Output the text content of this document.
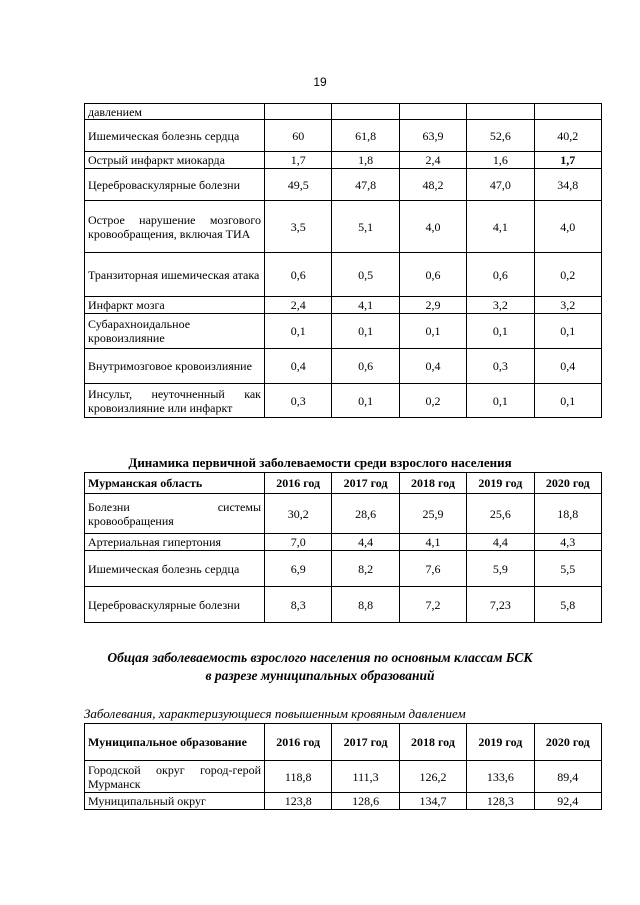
19
давлением					
Ишемическая болезнь сердца	60	61,8	63,9	52,6	40,2
Острый инфаркт миокарда	1,7	1,8	2,4	1,6	1,7
Цереброваскулярные болезни	49,5	47,8	48,2	47,0	34,8
Острое нарушение мозгового кровообращения, включая ТИА	3,5	5,1	4,0	4,1	4,0
Транзиторная ишемическая атака	0,6	0,5	0,6	0,6	0,2
Инфаркт мозга	2,4	4,1	2,9	3,2	3,2
Субарахноидальное кровоизлияние	0,1	0,1	0,1	0,1	0,1
Внутримозговое кровоизлияние	0,4	0,6	0,4	0,3	0,4
Инсульт, неуточненный как кровоизлияние или инфаркт	0,3	0,1	0,2	0,1	0,1
Динамика первичной заболеваемости среди взрослого населения
Мурманская область	2016 год	2017 год	2018 год	2019 год	2020 год
Болезни системы кровообращения	30,2	28,6	25,9	25,6	18,8
Артериальная гипертония	7,0	4,4	4,1	4,4	4,3
Ишемическая болезнь сердца	6,9	8,2	7,6	5,9	5,5
Цереброваскулярные болезни	8,3	8,8	7,2	7,23	5,8
Общая заболеваемость взрослого населения по основным классам БСК
в разрезе муниципальных образований
Заболевания, характеризующиеся повышенным кровяным давлением
Муниципальное образование	2016 год	2017 год	2018 год	2019 год	2020 год
Городской округ город-герой Мурманск	118,8	111,3	126,2	133,6	89,4
Муниципальный округ	123,8	128,6	134,7	128,3	92,4
